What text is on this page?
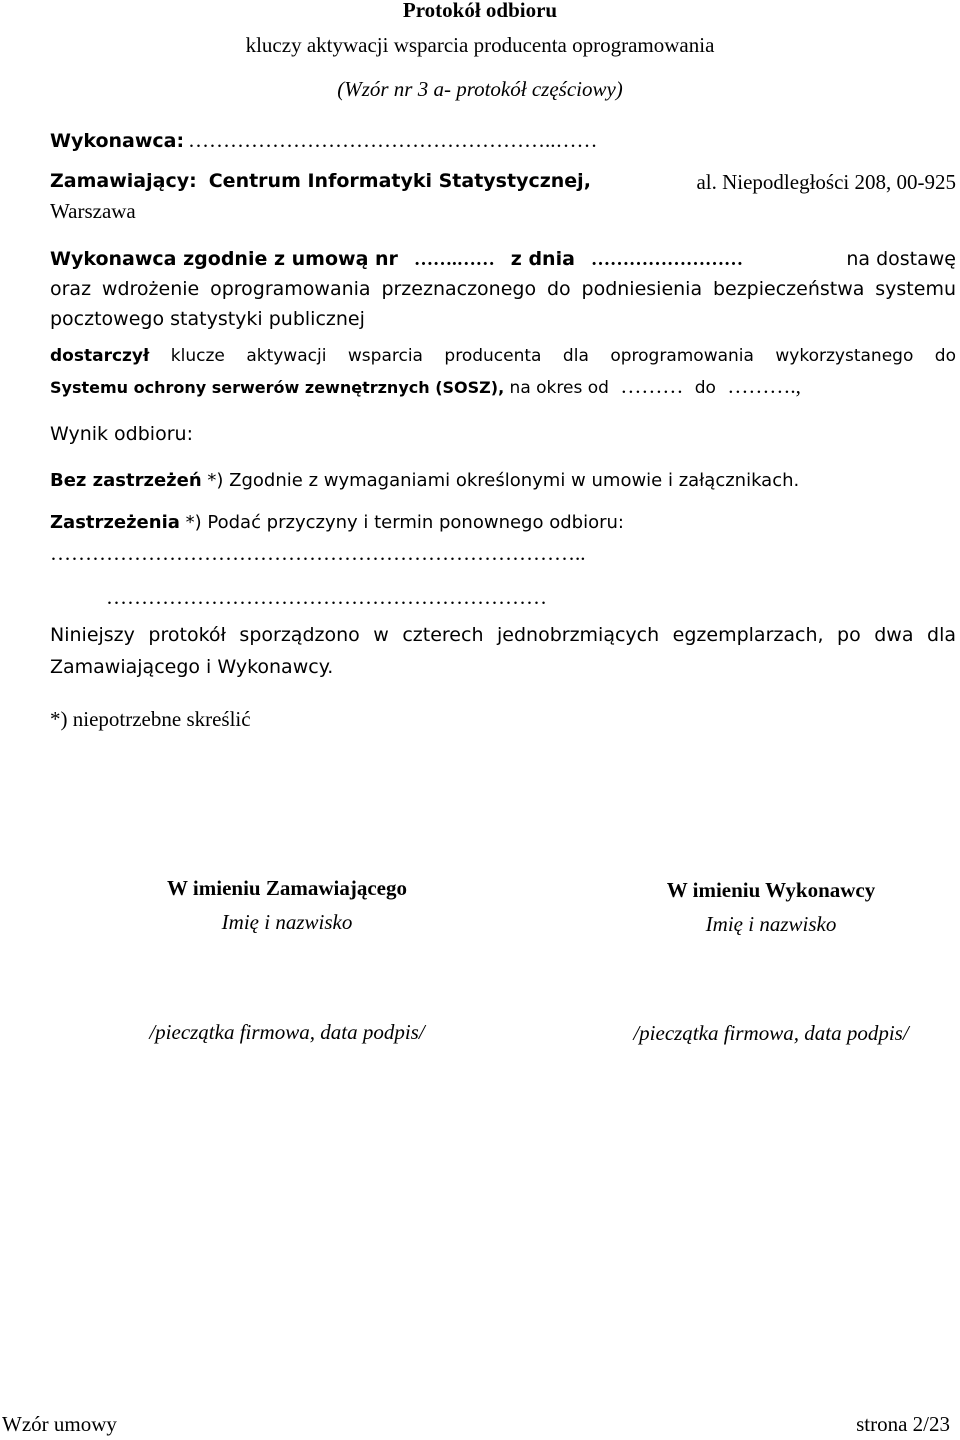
Protokół odbioru
kluczy aktywacji wsparcia producenta oprogramowania
(Wzór nr 3 a- protokół częściowy)
Wykonawca: ……………………………………………..……
Zamawiający: Centrum Informatyki Statystycznej,	al. Niepodległości 208, 00-925
Warszawa
Wykonawca zgodnie z umową nr …….…… z dnia ……………………	na dostawę
oraz wdrożenie oprogramowania przeznaczonego do podniesienia bezpieczeństwa systemu
pocztowego statystyki publicznej
dostarczył klucze aktywacji wsparcia producenta dla oprogramowania wykorzystanego do
Systemu ochrony serwerów zewnętrznych (SOSZ), na okres od ……… do ……….,
Wynik odbioru:
Bez zastrzeżeń *) Zgodnie z wymaganiami określonymi w umowie i załącznikach.
Zastrzeżenia *) Podać przyczyny i termin ponownego odbioru:
…………………………………………………………………..
………………………………………………………
Niniejszy protokół sporządzono w czterech jednobrzmiących egzemplarzach, po dwa dla
Zamawiającego i Wykonawcy.
*) niepotrzebne skreślić
W imieniu Zamawiającego
Imię i nazwisko
/pieczątka firmowa, data podpis/
W imieniu Wykonawcy
Imię i nazwisko
/pieczątka firmowa, data podpis/
Wzór umowy	strona 2/23
